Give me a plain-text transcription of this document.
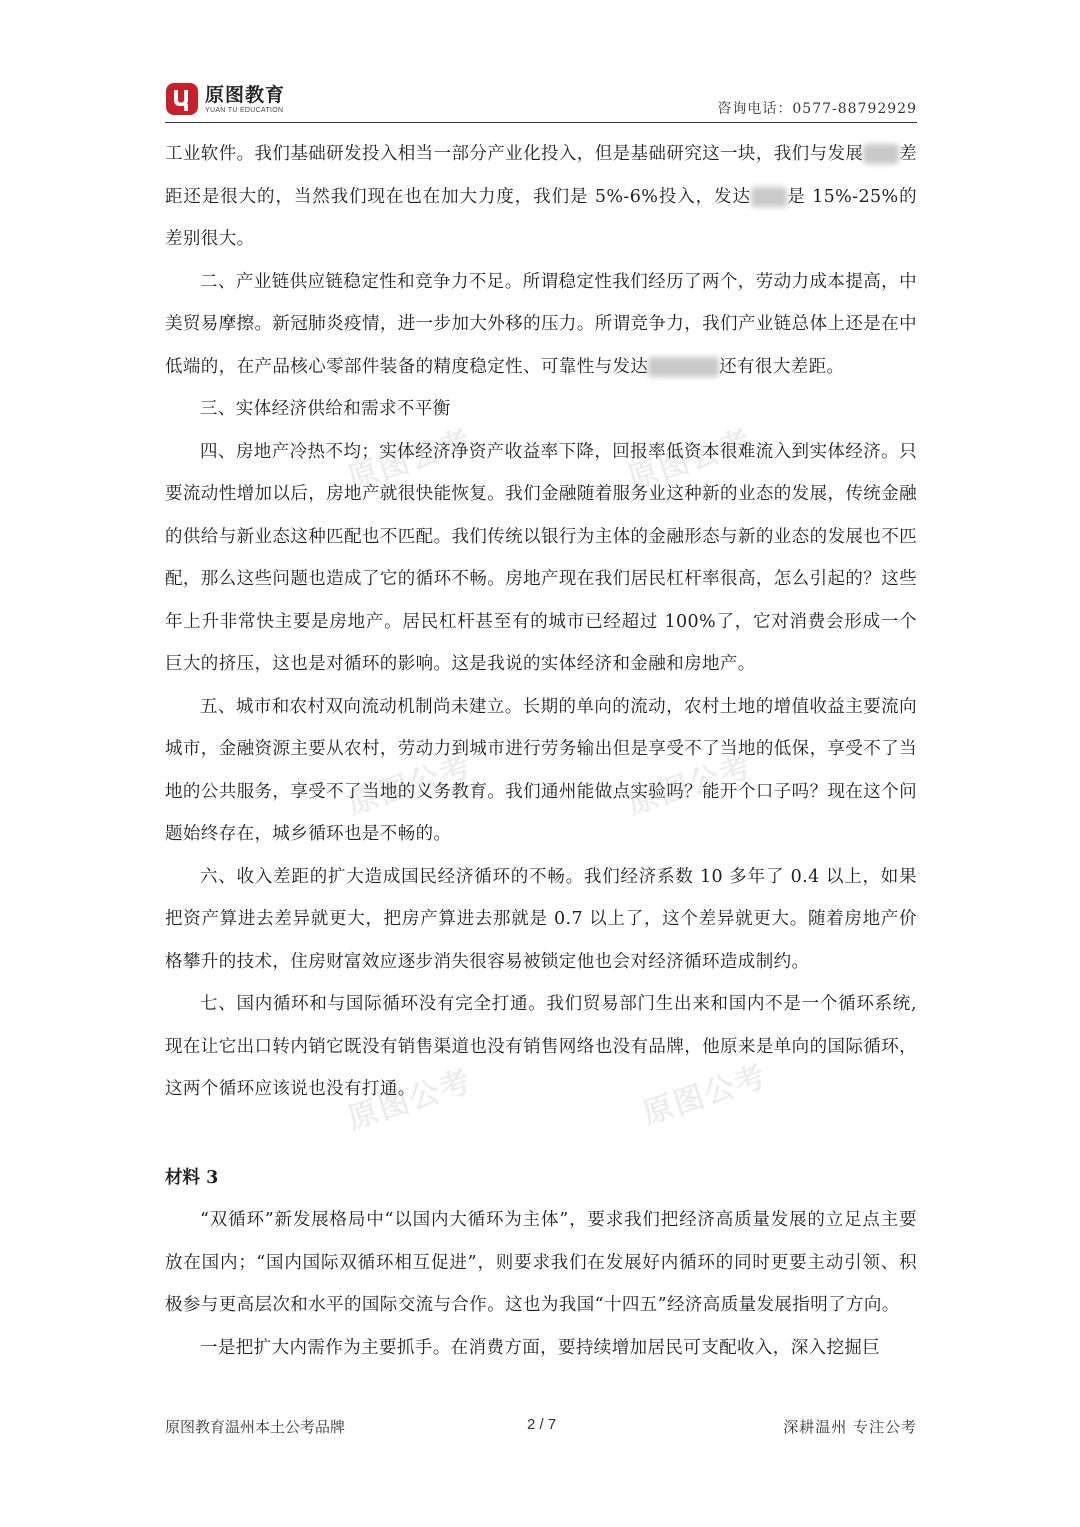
原图教育
YUAN TU EDUCATION	咨询电话：0577-88792929
原图公考	原图公考
原图公考	原图公考
原图公考	原图公考

工业软件。我们基础研发投入相当一部分产业化投入，但是基础研究这一块，我们与发展 差距还是很大的，当然我们现在也在加大力度，我们是 5%-6%投入，发达 是 15%-25%的差别很大。

二、产业链供应链稳定性和竞争力不足。所谓稳定性我们经历了两个，劳动力成本提高，中美贸易摩擦。新冠肺炎疫情，进一步加大外移的压力。所谓竞争力，我们产业链总体上还是在中低端的，在产品核心零部件装备的精度稳定性、可靠性与发达	还有很大差距。

三、实体经济供给和需求不平衡

四、房地产冷热不均；实体经济净资产收益率下降，回报率低资本很难流入到实体经济。只要流动性增加以后，房地产就很快能恢复。我们金融随着服务业这种新的业态的发展，传统金融的供给与新业态这种匹配也不匹配。我们传统以银行为主体的金融形态与新的业态的发展也不匹配，那么这些问题也造成了它的循环不畅。房地产现在我们居民杠杆率很高，怎么引起的？这些年上升非常快主要是房地产。居民杠杆甚至有的城市已经超过 100%了，它对消费会形成一个巨大的挤压，这也是对循环的影响。这是我说的实体经济和金融和房地产。

五、城市和农村双向流动机制尚未建立。长期的单向的流动，农村土地的增值收益主要流向城市，金融资源主要从农村，劳动力到城市进行劳务输出但是享受不了当地的低保，享受不了当地的公共服务，享受不了当地的义务教育。我们通州能做点实验吗？能开个口子吗？现在这个问题始终存在，城乡循环也是不畅的。

六、收入差距的扩大造成国民经济循环的不畅。我们经济系数 10 多年了 0.4 以上，如果把资产算进去差异就更大，把房产算进去那就是 0.7 以上了，这个差异就更大。随着房地产价格攀升的技术，住房财富效应逐步消失很容易被锁定他也会对经济循环造成制约。

七、国内循环和与国际循环没有完全打通。我们贸易部门生出来和国内不是一个循环系统,现在让它出口转内销它既没有销售渠道也没有销售网络也没有品牌，他原来是单向的国际循环，这两个循环应该说也没有打通。

材料 3

“双循环”新发展格局中“以国内大循环为主体”，要求我们把经济高质量发展的立足点主要放在国内；“国内国际双循环相互促进”，则要求我们在发展好内循环的同时更要主动引领、积极参与更高层次和水平的国际交流与合作。这也为我国“十四五”经济高质量发展指明了方向。

一是把扩大内需作为主要抓手。在消费方面，要持续增加居民可支配收入，深入挖掘巨

原图教育温州本土公考品牌	2 / 7	深耕温州 专注公考
